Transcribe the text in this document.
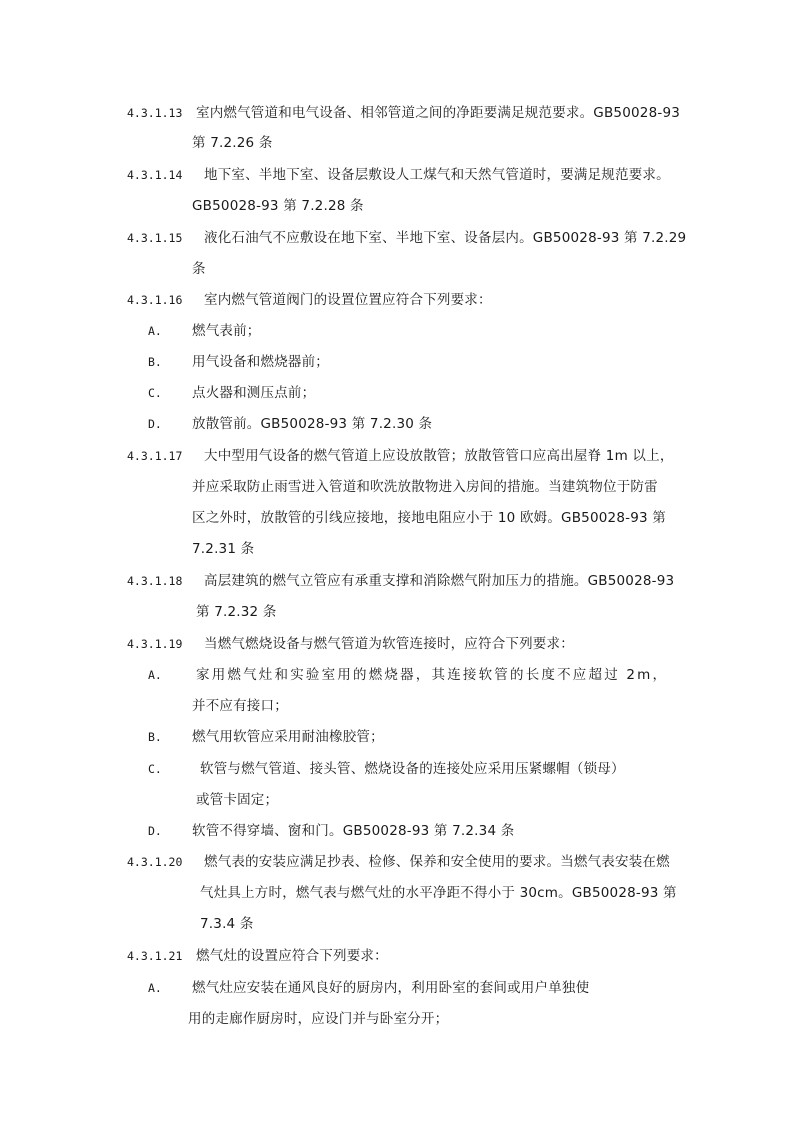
4.3.1.13 室内燃气管道和电气设备、相邻管道之间的净距要满足规范要求。GB50028-93
第 7.2.26 条
4.3.1.14 地下室、半地下室、设备层敷设人工煤气和天然气管道时，要满足规范要求。
GB50028-93 第 7.2.28 条
4.3.1.15 液化石油气不应敷设在地下室、半地下室、设备层内。GB50028-93 第 7.2.29
条
4.3.1.16 室内燃气管道阀门的设置位置应符合下列要求：
A. 燃气表前；
B. 用气设备和燃烧器前；
C. 点火器和测压点前；
D. 放散管前。GB50028-93 第 7.2.30 条
4.3.1.17 大中型用气设备的燃气管道上应设放散管；放散管管口应高出屋脊 1m 以上，
并应采取防止雨雪进入管道和吹洗放散物进入房间的措施。当建筑物位于防雷
区之外时，放散管的引线应接地，接地电阻应小于 10 欧姆。GB50028-93 第
7.2.31 条
4.3.1.18 高层建筑的燃气立管应有承重支撑和消除燃气附加压力的措施。GB50028-93
第 7.2.32 条
4.3.1.19 当燃气燃烧设备与燃气管道为软管连接时，应符合下列要求：
A.	家用燃气灶和实验室用的燃烧器，其连接软管的长度不应超过 2m，
并不应有接口；
B. 燃气用软管应采用耐油橡胶管；
C.	软管与燃气管道、接头管、燃烧设备的连接处应采用压紧螺帽（锁母）
或管卡固定；
D. 软管不得穿墙、窗和门。GB50028-93 第 7.2.34 条
4.3.1.20 燃气表的安装应满足抄表、检修、保养和安全使用的要求。当燃气表安装在燃
气灶具上方时，燃气表与燃气灶的水平净距不得小于 30cm。GB50028-93 第
7.3.4 条
4.3.1.21 燃气灶的设置应符合下列要求：
A. 燃气灶应安装在通风良好的厨房内，利用卧室的套间或用户单独使
用的走廊作厨房时，应设门并与卧室分开；
